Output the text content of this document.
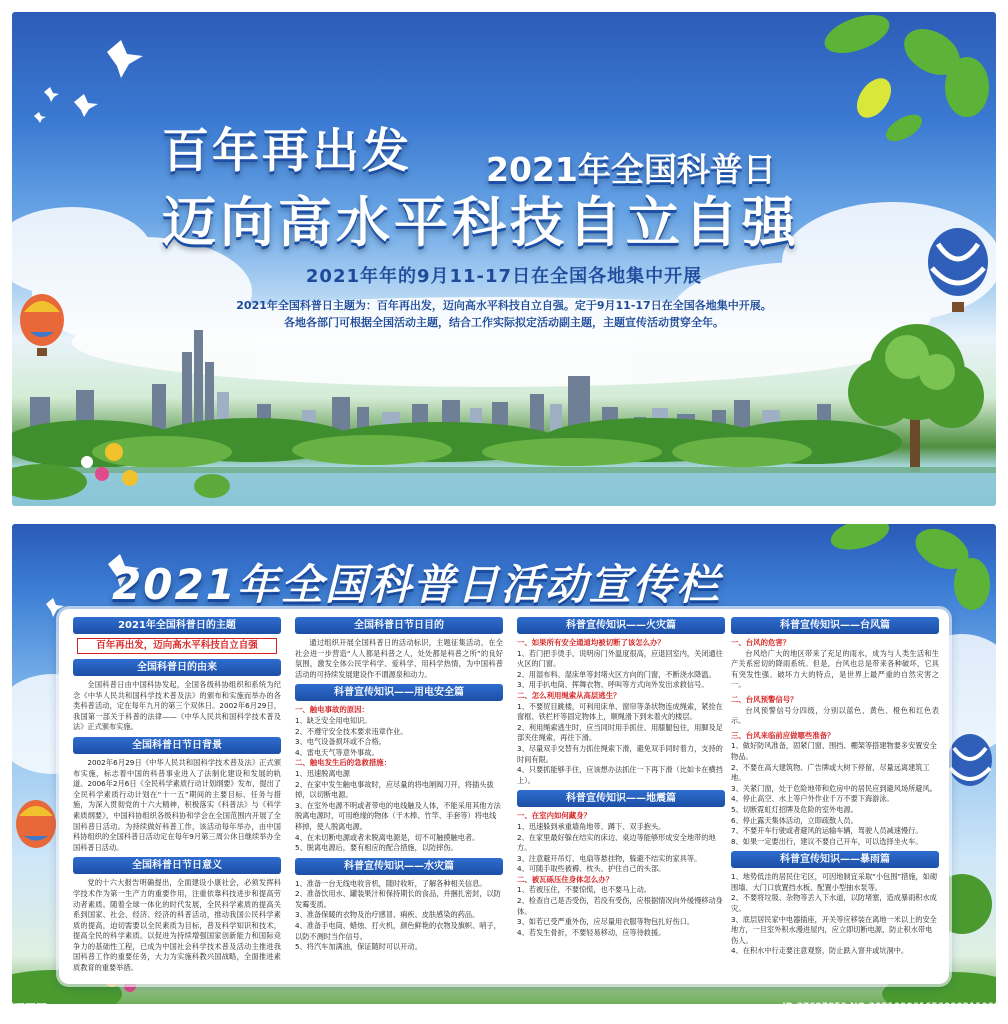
百年再出发 2021年全国科普日
迈向高水平科技自立自强
2021年年的9月11-17日在全国各地集中开展
2021年全国科普日主题为：百年再出发，迈向高水平科技自立自强。定于9月11-17日在全国各地集中开展。
各地各部门可根据全国活动主题，结合工作实际拟定活动副主题，主题宣传活动贯穿全年。
2021年全国科普日活动宣传栏
2021年全国科普日的主题
百年再出发，迈向高水平科技自立自强
全国科普日的由来
全国科普日由中国科协发起，全国各级科协组织和系统为纪念《中华人民共和国科学技术普及法》的颁布和实施而举办的各类科普活动，定在每年九月的第三个双休日。2002年6月29日，我国第一部关于科普的法律——《中华人民共和国科学技术普及法》正式颁布实施。
全国科普日节日背景
2002年6月29日《中华人民共和国科学技术普及法》正式颁布实施，标志着中国的科普事业进入了法制化建设和发展的轨道。2006年2月6日《全民科学素质行动计划纲要》发布，提出了全民科学素质行动计划在“十一五”期间的主要目标、任务与措施，为深入贯彻党的十六大精神，积极落实《科普法》与《科学素质纲要》，中国科协组织各级科协和学会在全国范围内开展了全国科普日活动。为持续做好科普工作，该活动每年举办，由中国科协组织的全国科普日活动定在每年9月第三周公休日继续举办全国科普日活动。
全国科普日节日意义
党的十六大报告明确提出，全面建设小康社会，必须发挥科学技术作为第一生产力的重要作用，注重依靠科技进步和提高劳动者素质。随着全球一体化的时代发展，全民科学素质的提高关系到国家、社会、经济、经济的科普活动，推动我国公民科学素质的提高，迫切需要以全民素质为目标，普及科学知识和技术，提高全民的科学素质。以促进为持续增强国家创新能力和国际竞争力的基础性工程，已成为中国社会科学技术普及活动主推进我国科普工作的重要任务，大力为实施科教兴国战略，全面推进素质教育的重要举措。
全国科普日节日目的
通过组织开展全国科普日的活动标识，主题征集活动，在全社会进一步营造“人人都是科普之人，处处都是科普之所”的良好氛围，激发全体公民学科学、爱科学、用科学热情，为中国科普活动的可持续发展建设作不谓源泉和动力。
科普宣传知识——用电安全篇
一、触电事故的原因：
1、缺乏安全用电知识。
2、不遵守安全技术要求违章作业。
3、电气设备损坏或不合格。
4、雷电天气等意外事故。
二、触电发生后的急救措施：
1、迅速脱离电源
2、在家中发生触电事故时，应尽量的将电闸阀刀开，将插头拔掉，以切断电源。
3、在室外电源不明或者带电的电线触及人体，不能采用其他方法脱离电源时，可用绝缘的物体（干木棒、竹竿、手套等）将电线移掉，使人脱离电源。
4、在未切断电源或者未脱离电源是，切不可触摸触电者。
5、脱离电源后，要有相应的配合措施，以防摔伤。
科普宣传知识——水灾篇
1、准备一台无线电收音机，随时收听，了解各种相关信息。
2、准备饮用水、罐装果汁和保持期长的食品，并捆扎密封，以防发霉变质。
3、准备保暖的衣物及治疗感冒、痢疾、皮肤感染的药品。
4、准备手电筒、蜡烛、打火机，颜色鲜艳的衣物及旗帜、哨子，以防不测时当作信号。
5、将汽车加满油，保证随时可以开动。
科普宣传知识——火灾篇
一、如果所有安全通道均被切断了该怎么办？
1、若门把手烫手，说明房门外温度很高，应退回室内，关闭通往火区的门窗。
2、用湿布料、湿床单等封堵火区方向的门窗，不断浇水降温。
3、用手扒电筒、挥舞衣物、呼叫等方式向外发出求救信号。
二、怎么利用绳索从高层逃生？
1、不要贸目跳楼，可利用床单、窗帘等条状物连成绳索，紧拴在窗框、铁栏杆等固定物体上，顺绳滑下到未着火的楼层。
2、利用绳索逃生时，应当同时用手抓住、用膝腿包住，用脚及足部夹住绳索，再往下滑。
3、尽量双手交替有力抓住绳索下滑，避免双手同时着力，支持的时间有限。
4、只要抓能够手住，应该想办法抓住一下再下滑（比如卡在横挡上）。
科普宣传知识——地震篇
一、在室内如何藏身？
1、迅速躲到承重墙角地带、蹲下、双手抱头。
2、在家里最好躲在结实的床边、桌边等能够形成安全地带的地方。
3、注意避开吊灯、电扇等悬挂物，躲避不结实的家具等。
4、可随手取些被褥、枕头、护住自己的头部。
二、被瓦砾压住身体怎么办？
1、若被压住，不要惊慌，也不要马上动。
2、检查自己是否受伤，若没有受伤，应根据情况向外缓慢移动身体。
3、如若已受严重外伤，应尽量用衣服等物包扎好伤口。
4、若发生骨折，不要轻易移动，应等待救援。
科普宣传知识——台风篇
一、台风的危害？
台风给广大的地区带来了充足的雨水，成为与人类生活和生产关系密切的降雨系统。但是，台风也总是带来各种破坏，它具有突发性强、破坏力大的特点，是世界上最严重的自然灾害之一。
二、台风预警信号？
台风预警信号分四级，分别以蓝色、黄色、橙色和红色表示。
三、台风来临前应做哪些准备？
1、做好防风准备，固紧门窗、围挡、棚架等搭建物要多安置安全物品。
2、不要在高大建筑物、广告牌或大树下停留，尽量远离建筑工地。
3、关紧门窗，处于危险地带和危房中的居民应到避风场所避风。
4、停止高空、水上等户外作业千万不要下海游泳。
5、切断霓虹灯招牌及危险的室外电源。
6、停止露天集体活动，立即疏散人员。
7、不要开车行驶或者避风的运输车辆，驾驶人员减速慢行。
8、如果一定要出行，建议不要自己开车，可以选择坐火车。
科普宣传知识——暴雨篇
1、地势低洼的居民住宅区，可因地制宜采取“小包围”措施，如砌围墙、大门口放置挡水板、配置小型抽水泵等。
2、不要将垃圾、杂物等丢入下水道，以防堵塞，造成暴雨积水成灾。
3、底层居民家中电器插座，开关等应移装在离地一米以上的安全地方，一旦室外积水漫进屋内，应立即切断电源，防止积水带电伤人。
4、在积水中行走要注意观察，防止跌入窨井或坑洞中。
昵图网 www.nipic.com	ID:27627859 NO:20210906165600021109
